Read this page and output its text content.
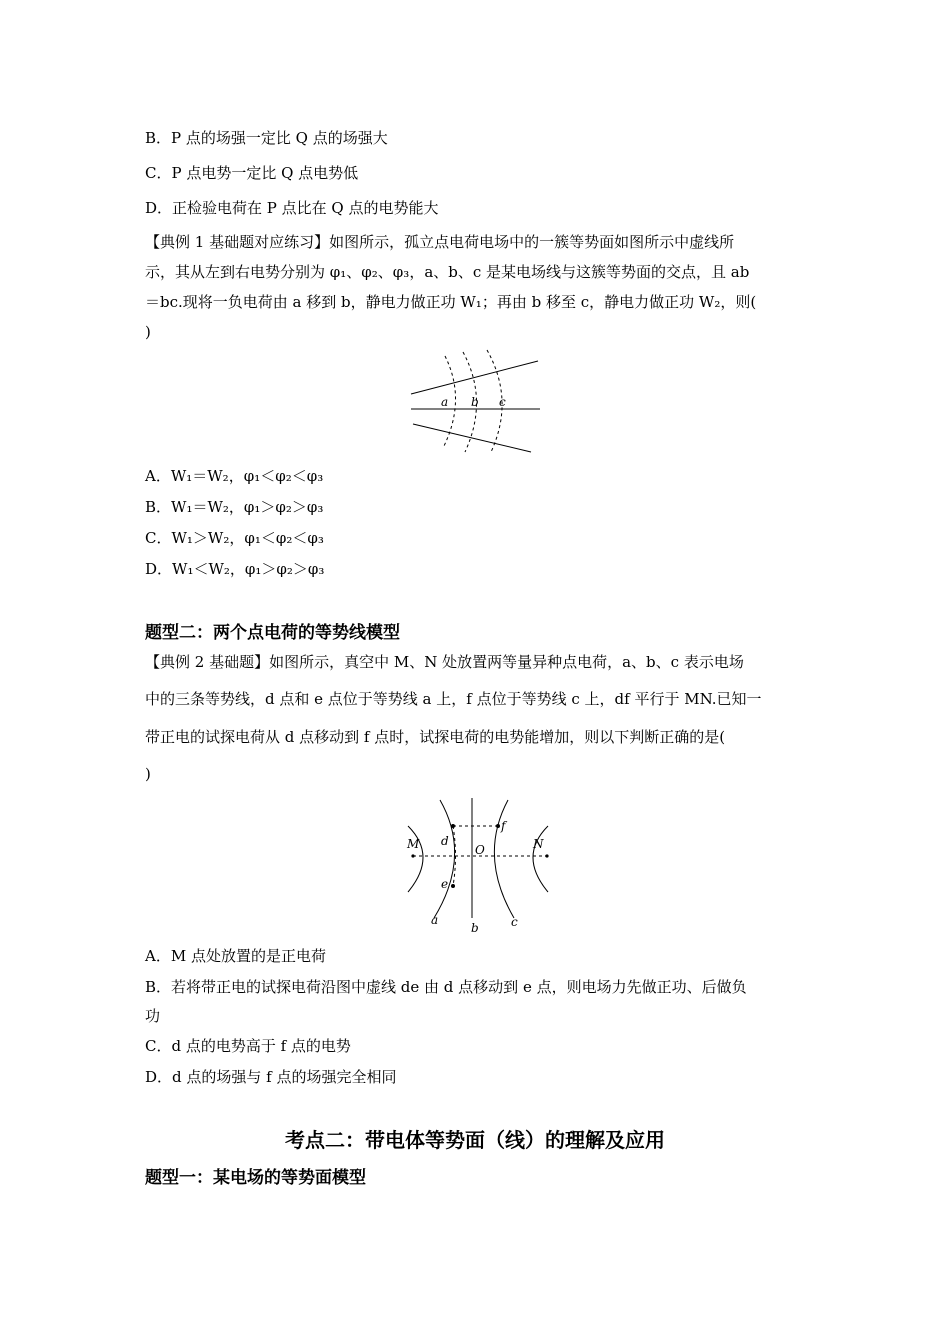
B．P 点的场强一定比 Q 点的场强大
C．P 点电势一定比 Q 点电势低
D．正检验电荷在 P 点比在 Q 点的电势能大
【典例 1 基础题对应练习】如图所示，孤立点电荷电场中的一簇等势面如图所示中虚线所
示，其从左到右电势分别为 φ₁、φ₂、φ₃，a、b、c 是某电场线与这簇等势面的交点，且 ab
＝bc.现将一负电荷由 a 移到 b，静电力做正功 W₁；再由 b 移至 c，静电力做正功 W₂，则(
)
a b c
A．W₁＝W₂，φ₁＜φ₂＜φ₃
B．W₁＝W₂，φ₁＞φ₂＞φ₃
C．W₁＞W₂，φ₁＜φ₂＜φ₃
D．W₁＜W₂，φ₁＞φ₂＞φ₃
题型二：两个点电荷的等势线模型
【典例 2 基础题】如图所示，真空中 M、N 处放置两等量异种点电荷，a、b、c 表示电场
中的三条等势线，d 点和 e 点位于等势线 a 上，f 点位于等势线 c 上，df 平行于 MN.已知一
带正电的试探电荷从 d 点移动到 f 点时，试探电荷的电势能增加，则以下判断正确的是(
)
M	N
O
d
e
f
a
b	c
A．M 点处放置的是正电荷
B．若将带正电的试探电荷沿图中虚线 de 由 d 点移动到 e 点，则电场力先做正功、后做负
功
C．d 点的电势高于 f 点的电势
D．d 点的场强与 f 点的场强完全相同
考点二：带电体等势面（线）的理解及应用
题型一：某电场的等势面模型
